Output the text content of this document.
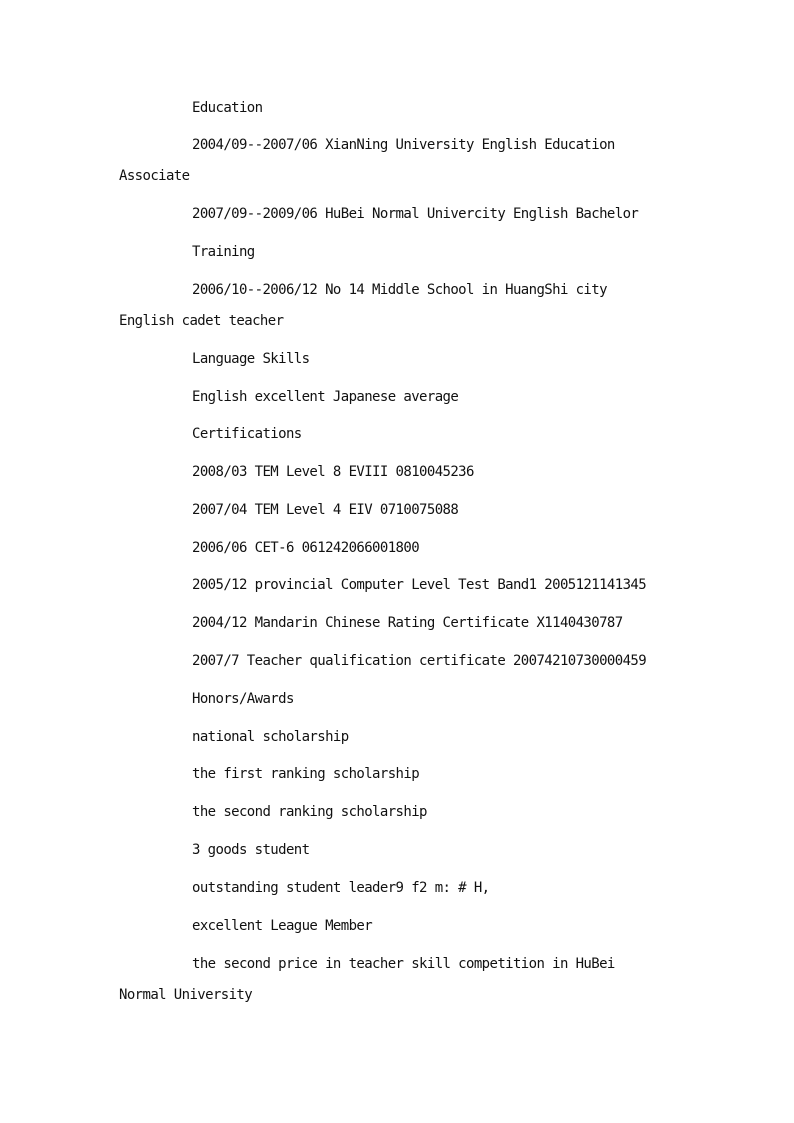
Education
2004/09--2007/06 XianNing University English Education
Associate
2007/09--2009/06 HuBei Normal Univercity English Bachelor
Training
2006/10--2006/12 No 14 Middle School in HuangShi city
English cadet teacher
Language Skills
English excellent Japanese average
Certifications
2008/03 TEM Level 8 EVIII 0810045236
2007/04 TEM Level 4 EIV 0710075088
2006/06 CET-6 061242066001800
2005/12 provincial Computer Level Test Band1 2005121141345
2004/12 Mandarin Chinese Rating Certificate X1140430787
2007/7 Teacher qualification certificate 20074210730000459
Honors/Awards
national scholarship
the first ranking scholarship
the second ranking scholarship
3 goods student
outstanding student leader9 f2 m: # H,
excellent League Member
the second price in teacher skill competition in HuBei
Normal University
